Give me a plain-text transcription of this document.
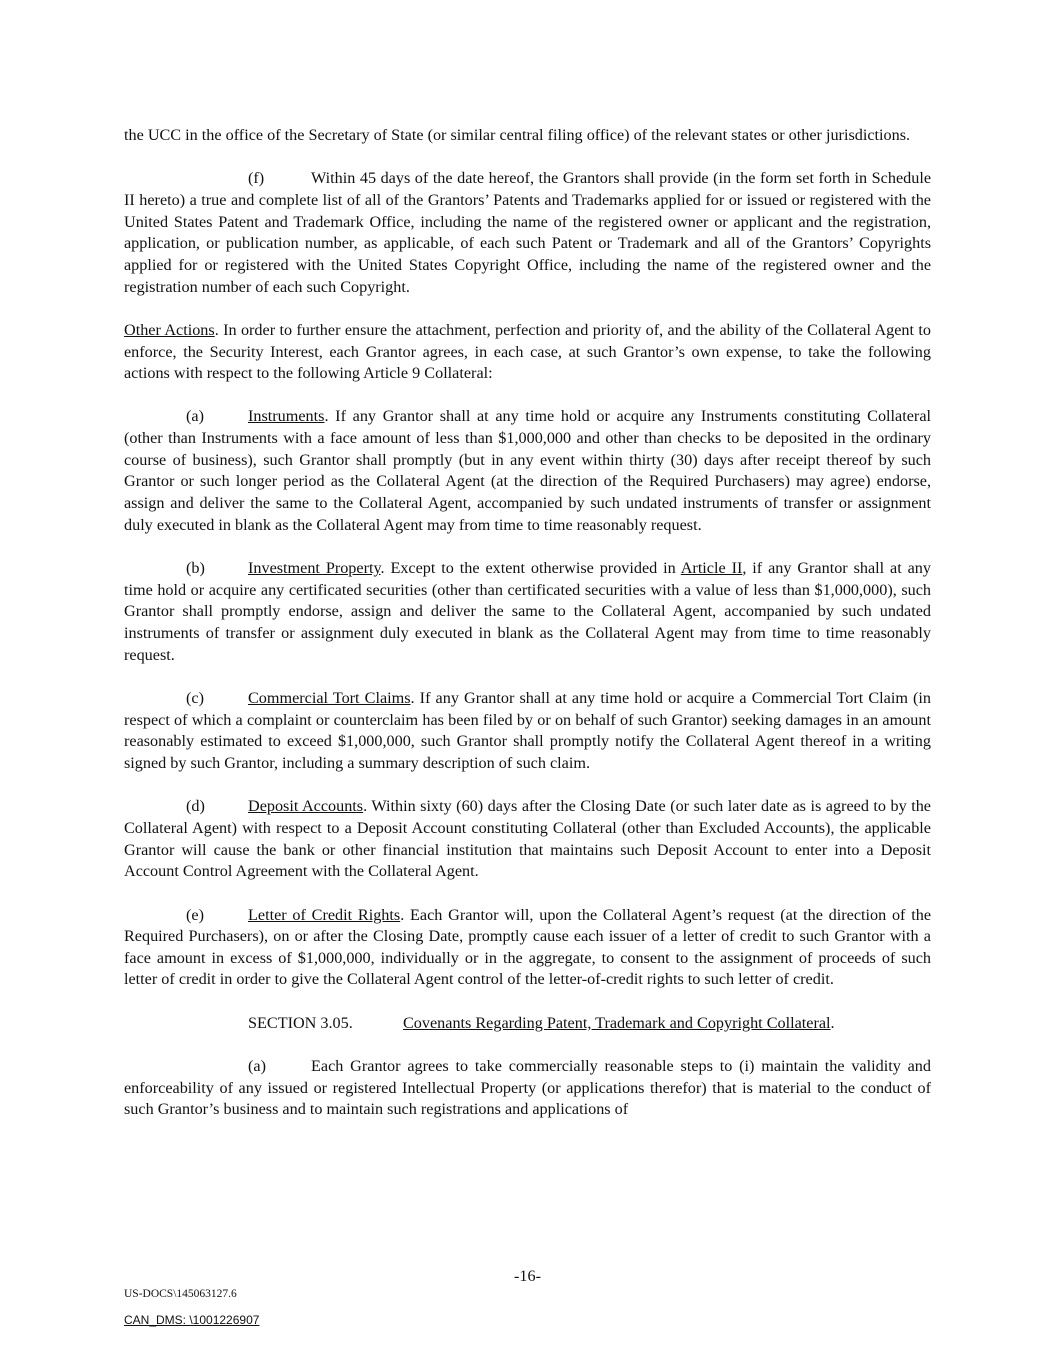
the UCC in the office of the Secretary of State (or similar central filing office) of the relevant states or other jurisdictions.

(f)	Within 45 days of the date hereof, the Grantors shall provide (in the form set forth in Schedule II hereto) a true and complete list of all of the Grantors’ Patents and Trademarks applied for or issued or registered with the United States Patent and Trademark Office, including the name of the registered owner or applicant and the registration, application, or publication number, as applicable, of each such Patent or Trademark and all of the Grantors’ Copyrights applied for or registered with the United States Copyright Office, including the name of the registered owner and the registration number of each such Copyright.

Other Actions. In order to further ensure the attachment, perfection and priority of, and the ability of the Collateral Agent to enforce, the Security Interest, each Grantor agrees, in each case, at such Grantor’s own expense, to take the following actions with respect to the following Article 9 Collateral:

(a)	Instruments. If any Grantor shall at any time hold or acquire any Instruments constituting Collateral (other than Instruments with a face amount of less than $1,000,000 and other than checks to be deposited in the ordinary course of business), such Grantor shall promptly (but in any event within thirty (30) days after receipt thereof by such Grantor or such longer period as the Collateral Agent (at the direction of the Required Purchasers) may agree) endorse, assign and deliver the same to the Collateral Agent, accompanied by such undated instruments of transfer or assignment duly executed in blank as the Collateral Agent may from time to time reasonably request.

(b)	Investment Property. Except to the extent otherwise provided in Article II, if any Grantor shall at any time hold or acquire any certificated securities (other than certificated securities with a value of less than $1,000,000), such Grantor shall promptly endorse, assign and deliver the same to the Collateral Agent, accompanied by such undated instruments of transfer or assignment duly executed in blank as the Collateral Agent may from time to time reasonably request.

(c)	Commercial Tort Claims. If any Grantor shall at any time hold or acquire a Commercial Tort Claim (in respect of which a complaint or counterclaim has been filed by or on behalf of such Grantor) seeking damages in an amount reasonably estimated to exceed $1,000,000, such Grantor shall promptly notify the Collateral Agent thereof in a writing signed by such Grantor, including a summary description of such claim.

(d)	Deposit Accounts. Within sixty (60) days after the Closing Date (or such later date as is agreed to by the Collateral Agent) with respect to a Deposit Account constituting Collateral (other than Excluded Accounts), the applicable Grantor will cause the bank or other financial institution that maintains such Deposit Account to enter into a Deposit Account Control Agreement with the Collateral Agent.

(e)	Letter of Credit Rights. Each Grantor will, upon the Collateral Agent’s request (at the direction of the Required Purchasers), on or after the Closing Date, promptly cause each issuer of a letter of credit to such Grantor with a face amount in excess of $1,000,000, individually or in the aggregate, to consent to the assignment of proceeds of such letter of credit in order to give the Collateral Agent control of the letter-of-credit rights to such letter of credit.

SECTION 3.05.	Covenants Regarding Patent, Trademark and Copyright Collateral.

(a)	Each Grantor agrees to take commercially reasonable steps to (i) maintain the validity and enforceability of any issued or registered Intellectual Property (or applications therefor) that is material to the conduct of such Grantor’s business and to maintain such registrations and applications of

-16-
US-DOCS\145063127.6
CAN_DMS: \1001226907
